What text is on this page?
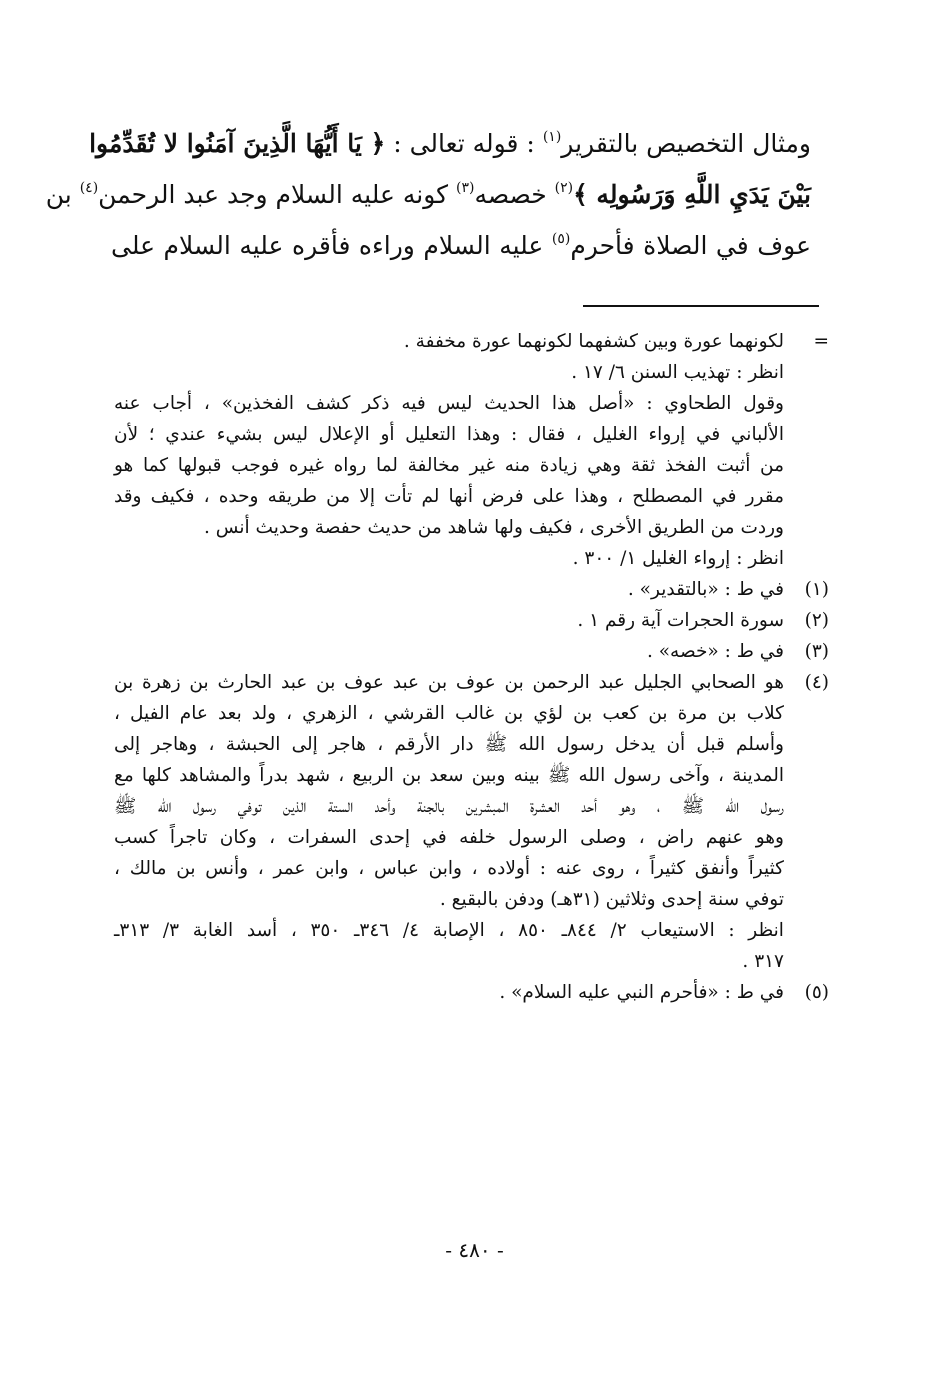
ومثال التخصيص بالتقرير$^{(١)}$ : قوله تعالى : ﴿ يَا أَيُّهَا الَّذِينَ آمَنُوا لا تُقَدِّمُوا
بَيْنَ يَدَيِ اللَّهِ وَرَسُولِه ﴾$^{(٢)}$ خصصه$^{(٣)}$ كونه عليه السلام وجد عبد الرحمن$^{(٤)}$ بن
عوف في الصلاة فأحرم$^{(٥)}$ عليه السلام وراءه فأقره عليه السلام على
=
لكونهما عورة وبين كشفهما لكونهما عورة مخففة .
انظر : تهذيب السنن ٦/ ١٧ .
وقول الطحاوي : «أصل هذا الحديث ليس فيه ذكر كشف الفخذين» ، أجاب عنه
الألباني في إرواء الغليل ، فقال : وهذا التعليل أو الإعلال ليس بشيء عندي ؛ لأن
من أثبت الفخذ ثقة وهي زيادة منه غير مخالفة لما رواه غيره فوجب قبولها كما هو
مقرر في المصطلح ، وهذا على فرض أنها لم تأت إلا من طريقه وحده ، فكيف وقد
وردت من الطريق الأخرى ، فكيف ولها شاهد من حديث حفصة وحديث أنس .
انظر : إرواء الغليل ١/ ٣٠٠ .
(١)
في ط : «بالتقدير» .
(٢)
سورة الحجرات آية رقم ١ .
(٣)
في ط : «خصه» .
(٤)
هو الصحابي الجليل عبد الرحمن بن عوف بن عبد عوف بن عبد الحارث بن زهرة بن
كلاب بن مرة بن كعب بن لؤي بن غالب القرشي ، الزهري ، ولد بعد عام الفيل ،
وأسلم قبل أن يدخل رسول الله ﷺ دار الأرقم ، هاجر إلى الحبشة ، وهاجر إلى
المدينة ، وآخى رسول الله ﷺ بينه وبين سعد بن الربيع ، شهد بدراً والمشاهد كلها مع
رسول الله ﷺ ، وهو أحد العشرة المبشرين بالجنة وأحد الستة الذين توفي رسول الله ﷺ
وهو عنهم راض ، وصلى الرسول خلفه في إحدى السفرات ، وكان تاجراً كسب
كثيراً وأنفق كثيراً ، روى عنه : أولاده ، وابن عباس ، وابن عمر ، وأنس بن مالك ،
توفي سنة إحدى وثلاثين (٣١هـ) ودفن بالبقيع .
انظر : الاستيعاب ٢/ ٨٤٤ـ ٨٥٠ ، الإصابة ٤/ ٣٤٦ـ ٣٥٠ ، أسد الغابة ٣/ ٣١٣ـ
٣١٧ .
(٥)
في ط : «فأحرم النبي عليه السلام» .
- ٤٨٠ -
